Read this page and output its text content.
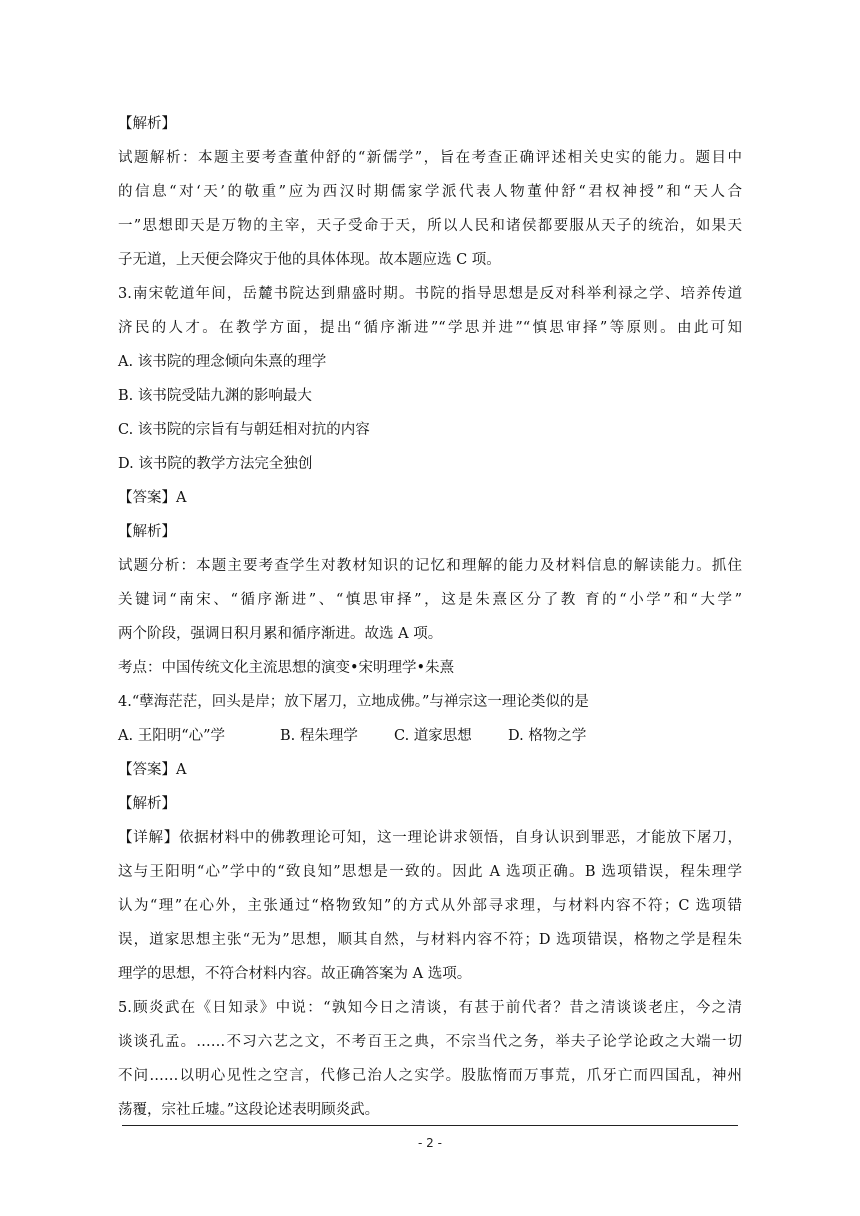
【解析】
试题解析：本题主要考查董仲舒的“新儒学”，旨在考查正确评述相关史实的能力。题目中
的信息“对‘天’的敬重”应为西汉时期儒家学派代表人物董仲舒“君权神授”和“天人合
一”思想即天是万物的主宰，天子受命于天，所以人民和诸侯都要服从天子的统治，如果天
子无道，上天便会降灾于他的具体体现。故本题应选 C 项。
3.南宋乾道年间，岳麓书院达到鼎盛时期。书院的指导思想是反对科举利禄之学、培养传道
济民的人才。在教学方面，提出“循序渐进”“学思并进”“慎思审择”等原则。由此可知
A. 该书院的理念倾向朱熹的理学
B. 该书院受陆九渊的影响最大
C. 该书院的宗旨有与朝廷相对抗的内容
D. 该书院的教学方法完全独创
【答案】A
【解析】
试题分析：本题主要考查学生对教材知识的记忆和理解的能力及材料信息的解读能力。抓住
关键词“南宋、“循序渐进”、“慎思审择”，这是朱熹区分了教 育的“小学”和“大学”
两个阶段，强调日积月累和循序渐进。故选 A 项。
考点：中国传统文化主流思想的演变•宋明理学•朱熹
4.“孽海茫茫，回头是岸；放下屠刀，立地成佛。”与禅宗这一理论类似的是
A. 王阳明“心”学	B. 程朱理学 C. 道家思想 D. 格物之学
【答案】A
【解析】
【详解】依据材料中的佛教理论可知，这一理论讲求领悟，自身认识到罪恶，才能放下屠刀，
这与王阳明“心”学中的“致良知”思想是一致的。因此 A 选项正确。B 选项错误，程朱理学
认为“理”在心外，主张通过“格物致知”的方式从外部寻求理，与材料内容不符；C 选项错
误，道家思想主张“无为”思想，顺其自然，与材料内容不符；D 选项错误，格物之学是程朱
理学的思想，不符合材料内容。故正确答案为 A 选项。
5.顾炎武在《日知录》中说：“孰知今日之清谈，有甚于前代者？昔之清谈谈老庄，今之清
谈谈孔孟。……不习六艺之文，不考百王之典，不宗当代之务，举夫子论学论政之大端一切
不问……以明心见性之空言，代修己治人之实学。股肱惰而万事荒，爪牙亡而四国乱，神州
荡覆，宗社丘墟。”这段论述表明顾炎武。
- 2 -
